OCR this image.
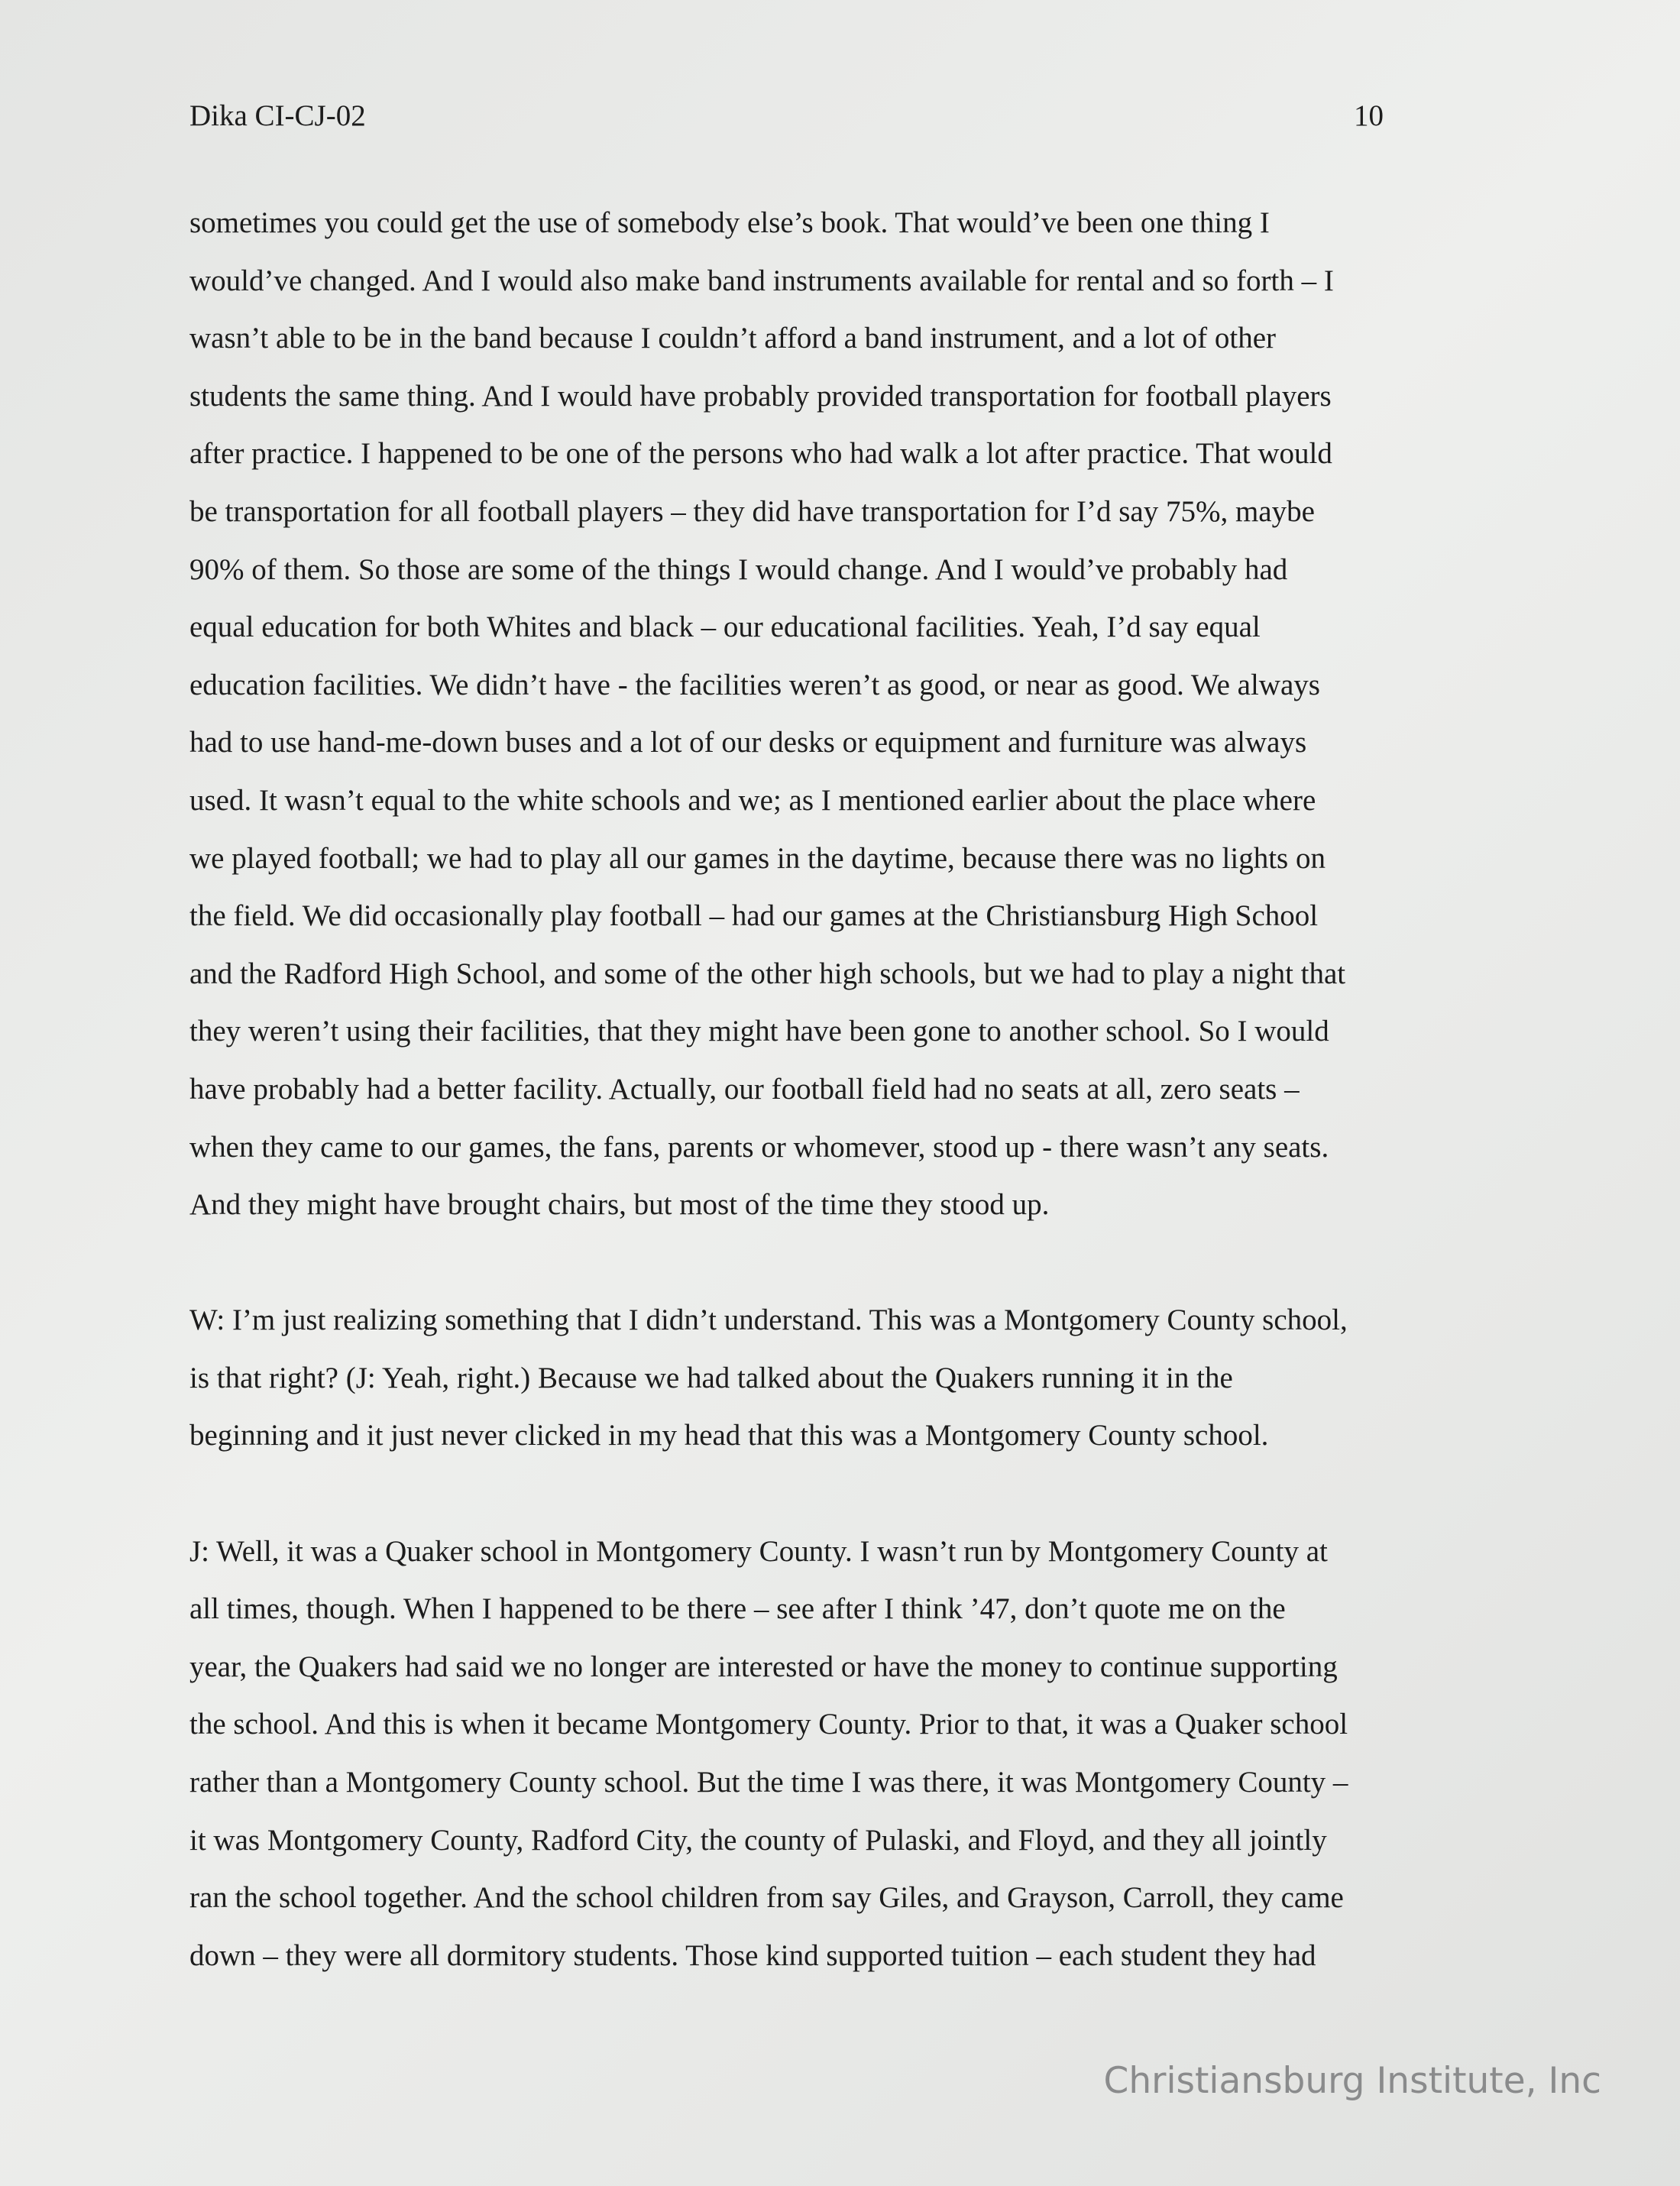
Dika CI-CJ-02	10
sometimes you could get the use of somebody else’s book. That would’ve been one thing I
would’ve changed. And I would also make band instruments available for rental and so forth – I
wasn’t able to be in the band because I couldn’t afford a band instrument, and a lot of other
students the same thing. And I would have probably provided transportation for football players
after practice. I happened to be one of the persons who had walk a lot after practice. That would
be transportation for all football players – they did have transportation for I’d say 75%, maybe
90% of them. So those are some of the things I would change. And I would’ve probably had
equal education for both Whites and black – our educational facilities. Yeah, I’d say equal
education facilities. We didn’t have - the facilities weren’t as good, or near as good. We always
had to use hand-me-down buses and a lot of our desks or equipment and furniture was always
used. It wasn’t equal to the white schools and we; as I mentioned earlier about the place where
we played football; we had to play all our games in the daytime, because there was no lights on
the field. We did occasionally play football – had our games at the Christiansburg High School
and the Radford High School, and some of the other high schools, but we had to play a night that
they weren’t using their facilities, that they might have been gone to another school. So I would
have probably had a better facility. Actually, our football field had no seats at all, zero seats –
when they came to our games, the fans, parents or whomever, stood up - there wasn’t any seats.
And they might have brought chairs, but most of the time they stood up.
W: I’m just realizing something that I didn’t understand. This was a Montgomery County school,
is that right? (J: Yeah, right.) Because we had talked about the Quakers running it in the
beginning and it just never clicked in my head that this was a Montgomery County school.
J: Well, it was a Quaker school in Montgomery County. I wasn’t run by Montgomery County at
all times, though. When I happened to be there – see after I think ’47, don’t quote me on the
year, the Quakers had said we no longer are interested or have the money to continue supporting
the school. And this is when it became Montgomery County. Prior to that, it was a Quaker school
rather than a Montgomery County school. But the time I was there, it was Montgomery County –
it was Montgomery County, Radford City, the county of Pulaski, and Floyd, and they all jointly
ran the school together. And the school children from say Giles, and Grayson, Carroll, they came
down – they were all dormitory students. Those kind supported tuition – each student they had
Christiansburg Institute, Inc
